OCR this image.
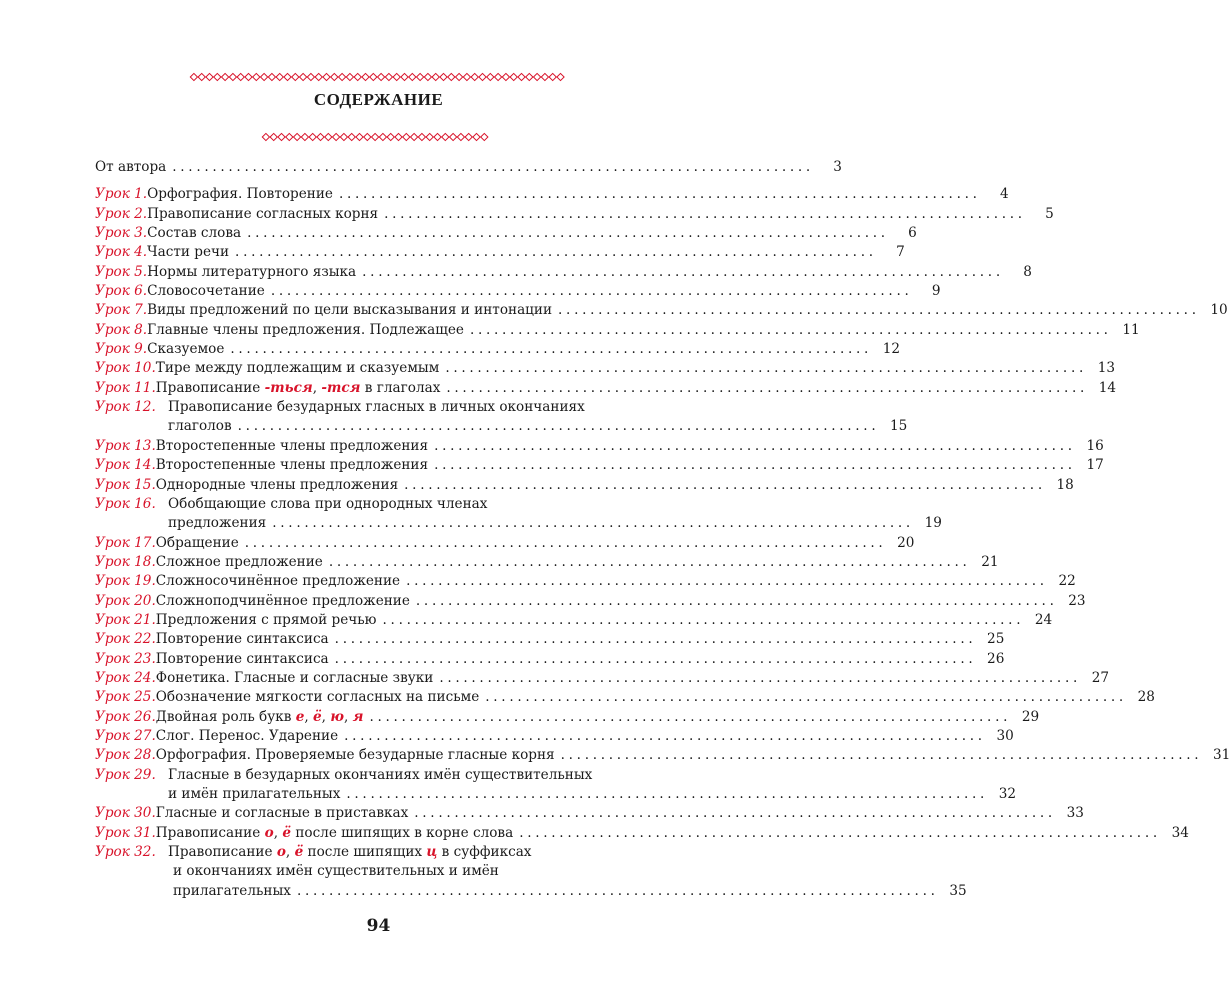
СОДЕРЖАНИЕ
От автора ................................................................................	3
Урок 1. Орфография. Повторение ................................................................................	4
Урок 2. Правописание согласных корня ................................................................................	5
Урок 3. Состав слова ................................................................................	6
Урок 4. Части речи ................................................................................	7
Урок 5. Нормы литературного языка ................................................................................	8
Урок 6. Словосочетание ................................................................................	9
Урок 7. Виды предложений по цели высказывания и интонации ................................................................................ 10
Урок 8. Главные члены предложения. Подлежащее ................................................................................ 11
Урок 9. Сказуемое ................................................................................ 12
Урок 10. Тире между подлежащим и сказуемым ................................................................................ 13
Урок 11. Правописание -ться, -тся в глаголах ................................................................................ 14
Урок 12. Правописание безударных гласных в личных окончаниях
глаголов ................................................................................ 15
Урок 13. Второстепенные члены предложения ................................................................................ 16
Урок 14. Второстепенные члены предложения ................................................................................ 17
Урок 15. Однородные члены предложения ................................................................................ 18
Урок 16. Обобщающие слова при однородных членах
предложения ................................................................................ 19
Урок 17. Обращение ................................................................................ 20
Урок 18. Сложное предложение ................................................................................ 21
Урок 19. Сложносочинённое предложение ................................................................................ 22
Урок 20. Сложноподчинённое предложение ................................................................................ 23
Урок 21. Предложения с прямой речью ................................................................................ 24
Урок 22. Повторение синтаксиса ................................................................................ 25
Урок 23. Повторение синтаксиса ................................................................................ 26
Урок 24. Фонетика. Гласные и согласные звуки ................................................................................ 27
Урок 25. Обозначение мягкости согласных на письме ................................................................................ 28
Урок 26. Двойная роль букв е, ё, ю, я ................................................................................ 29
Урок 27. Слог. Перенос. Ударение ................................................................................ 30
Урок 28. Орфография. Проверяемые безударные гласные корня ................................................................................ 31
Урок 29. Гласные в безударных окончаниях имён существительных
и имён прилагательных ................................................................................ 32
Урок 30. Гласные и согласные в приставках ................................................................................ 33
Урок 31. Правописание о, ё после шипящих в корне слова ................................................................................ 34
Урок 32. Правописание о, ё после шипящих ц в суффиксах
и окончаниях имён существительных и имён
прилагательных ................................................................................ 35
94
